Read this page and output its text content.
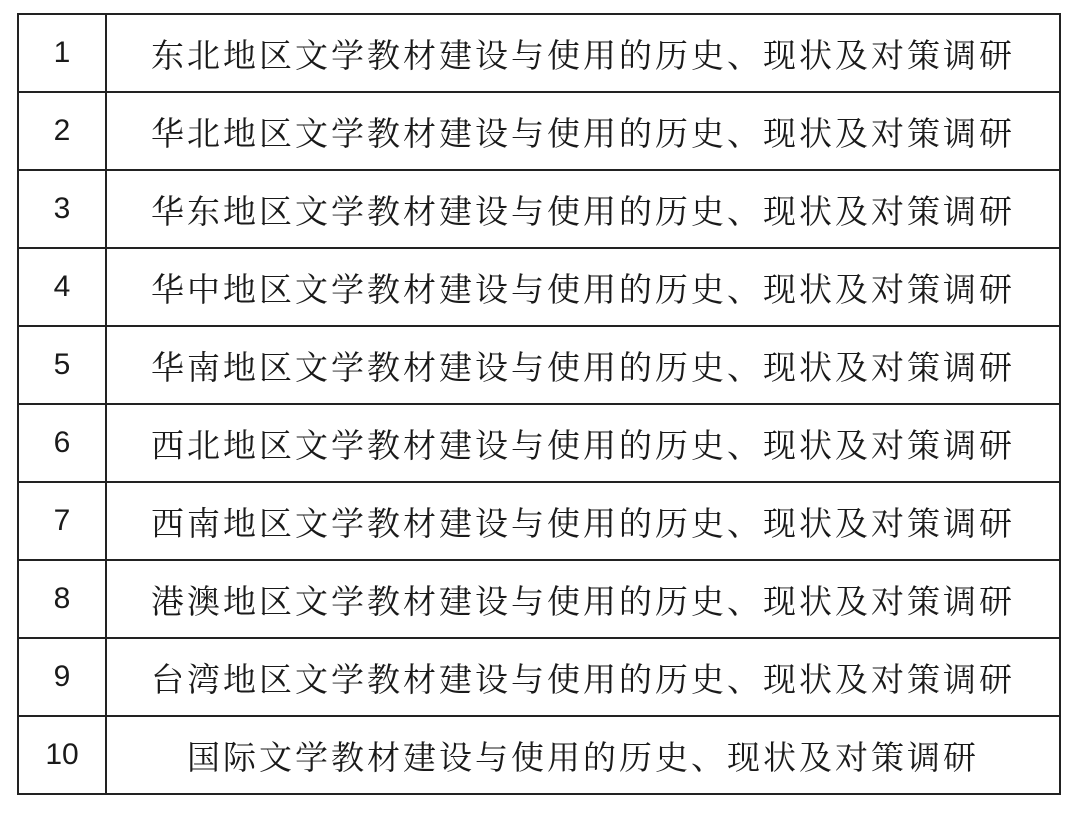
1	东北地区文学教材建设与使用的历史、现状及对策调研
2	华北地区文学教材建设与使用的历史、现状及对策调研
3	华东地区文学教材建设与使用的历史、现状及对策调研
4	华中地区文学教材建设与使用的历史、现状及对策调研
5	华南地区文学教材建设与使用的历史、现状及对策调研
6	西北地区文学教材建设与使用的历史、现状及对策调研
7	西南地区文学教材建设与使用的历史、现状及对策调研
8	港澳地区文学教材建设与使用的历史、现状及对策调研
9	台湾地区文学教材建设与使用的历史、现状及对策调研
10	国际文学教材建设与使用的历史、现状及对策调研
